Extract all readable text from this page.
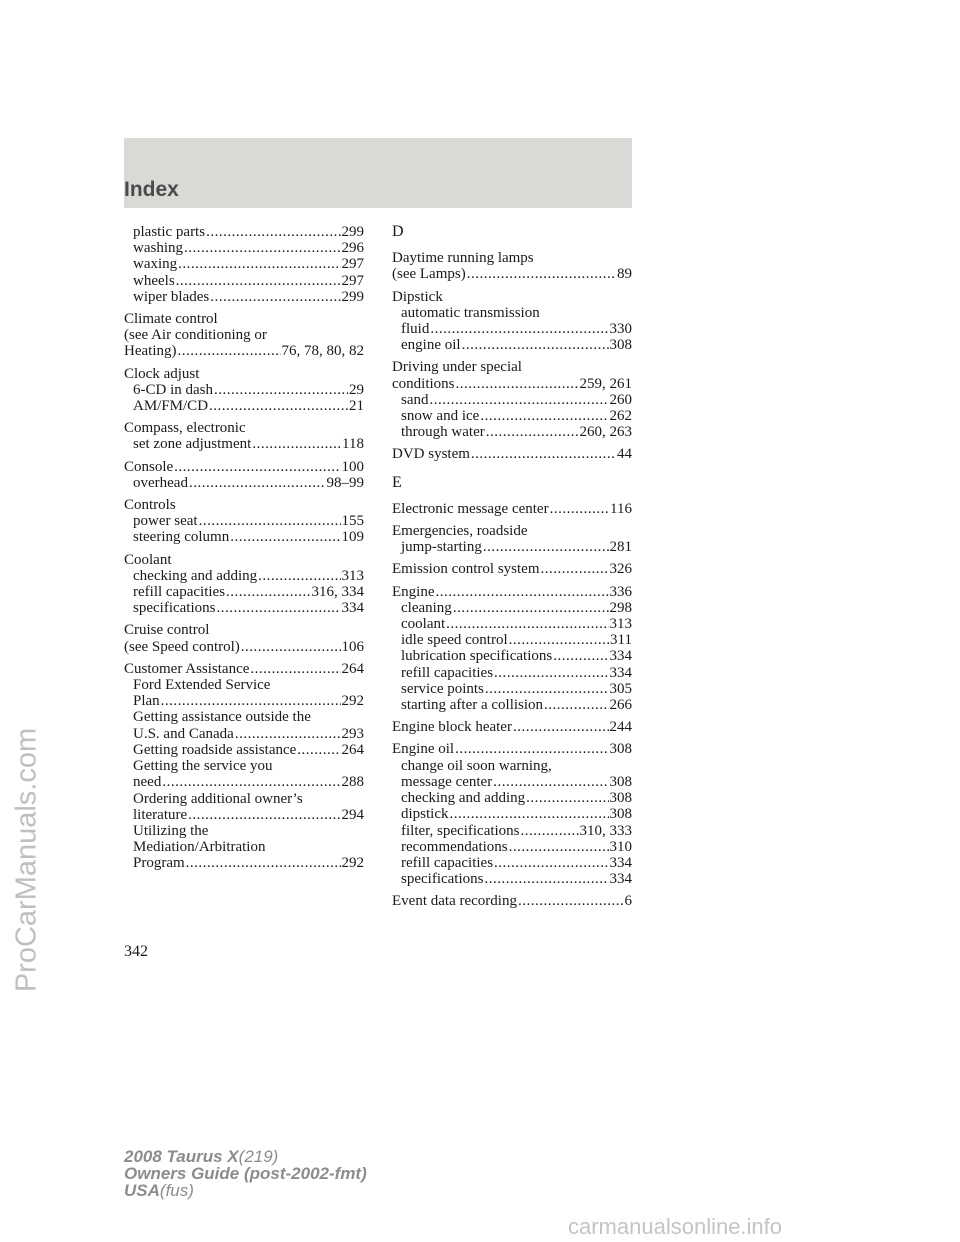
Index
plastic parts .....	299
washing .....	296
waxing .....	297
wheels .....	297
wiper blades .....	299
Climate control
(see Air conditioning or
Heating) .....	76, 78, 80, 82
Clock adjust
6-CD in dash .....	29
AM/FM/CD .....	21
Compass, electronic
set zone adjustment .....	118
Console .....	100
overhead .....	98–99
Controls
power seat .....	155
steering column .....	109
Coolant
checking and adding .....	313
refill capacities .....	316, 334
specifications .....	334
Cruise control
(see Speed control) .....	106
Customer Assistance .....	264
Ford Extended Service
Plan .....	292
Getting assistance outside the
U.S. and Canada .....	293
Getting roadside assistance .....	264
Getting the service you
need .....	288
Ordering additional owner’s
literature .....	294
Utilizing the
Mediation/Arbitration
Program .....	292
D
Daytime running lamps
(see Lamps) .....	89
Dipstick
automatic transmission
fluid .....	330
engine oil .....	308
Driving under special
conditions .....	259, 261
sand .....	260
snow and ice .....	262
through water .....	260, 263
DVD system .....	44
E
Electronic message center .....	116
Emergencies, roadside
jump-starting .....	281
Emission control system .....	326
Engine .....	336
cleaning .....	298
coolant .....	313
idle speed control .....	311
lubrication specifications .....	334
refill capacities .....	334
service points .....	305
starting after a collision .....	266
Engine block heater .....	244
Engine oil .....	308
change oil soon warning,
message center .....	308
checking and adding .....	308
dipstick .....	308
filter, specifications .....	310, 333
recommendations .....	310
refill capacities .....	334
specifications .....	334
Event data recording .....	6
342
2008 Taurus X(219)
Owners Guide (post-2002-fmt)
USA(fus)
ProCarManuals.com
carmanualsonline.info
